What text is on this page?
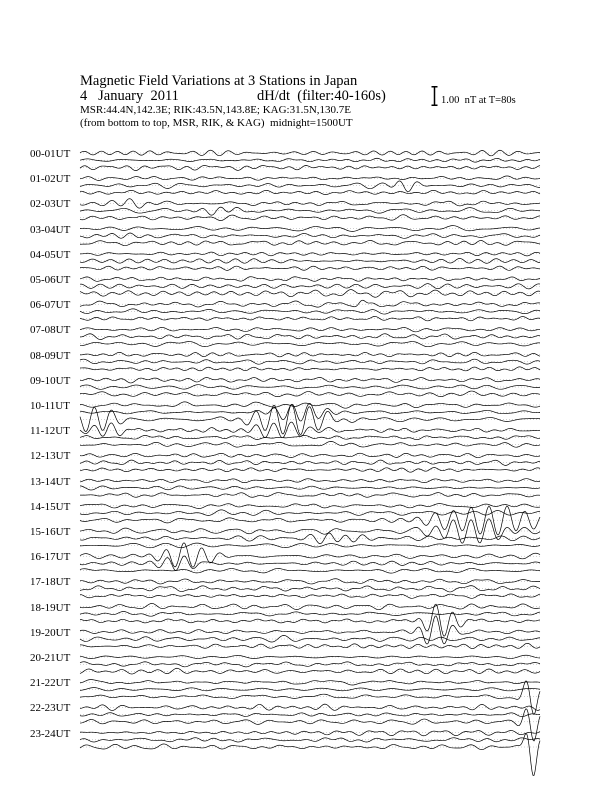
Magnetic Field Variations at 3 Stations in Japan
4   January  2011	dH/dt  (filter:40-160s)
MSR:44.4N,142.3E; RIK:43.5N,143.8E; KAG:31.5N,130.7E
(from bottom to top, MSR, RIK, & KAG)  midnight=1500UT
1.00  nT at T=80s
00-01UT
01-02UT
02-03UT
03-04UT
04-05UT
05-06UT
06-07UT
07-08UT
08-09UT
09-10UT
10-11UT
11-12UT
12-13UT
13-14UT
14-15UT
15-16UT
16-17UT
17-18UT
18-19UT
19-20UT
20-21UT
21-22UT
22-23UT
23-24UT
